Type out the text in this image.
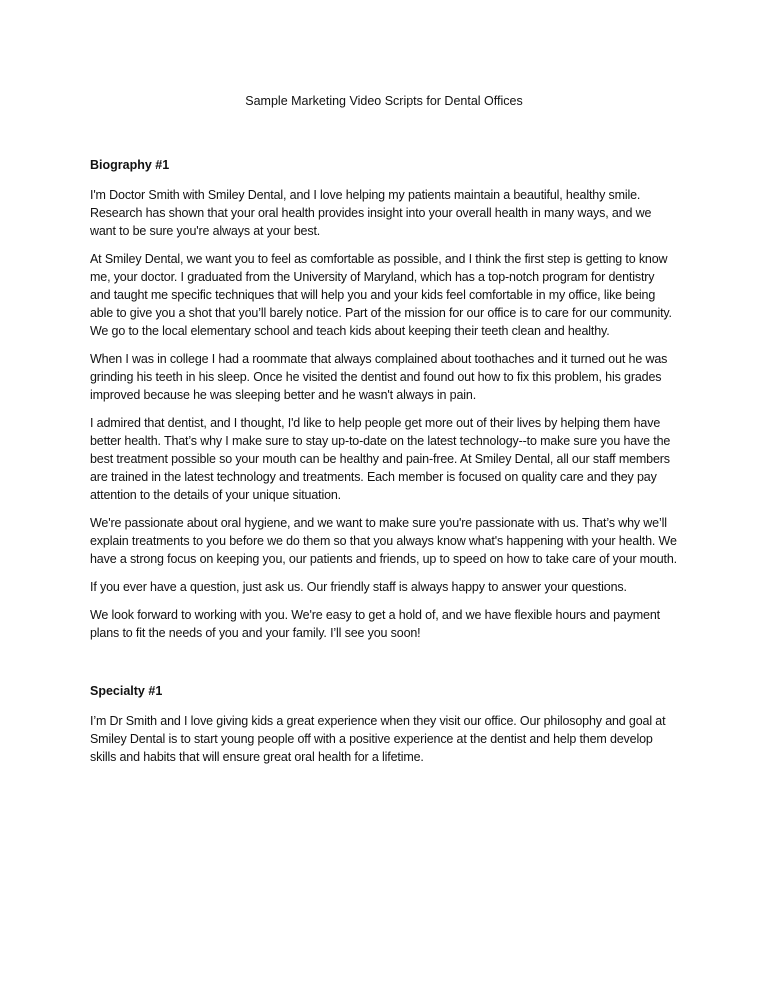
Sample Marketing Video Scripts for Dental Offices
Biography #1

I'm Doctor Smith with Smiley Dental, and I love helping my patients maintain a beautiful, healthy smile. Research has shown that your oral health provides insight into your overall health in many ways, and we want to be sure you're always at your best.

At Smiley Dental, we want you to feel as comfortable as possible, and I think the first step is getting to know me, your doctor. I graduated from the University of Maryland, which has a top-notch program for dentistry and taught me specific techniques that will help you and your kids feel comfortable in my office, like being able to give you a shot that you’ll barely notice. Part of the mission for our office is to care for our community. We go to the local elementary school and teach kids about keeping their teeth clean and healthy.

When I was in college I had a roommate that always complained about toothaches and it turned out he was grinding his teeth in his sleep. Once he visited the dentist and found out how to fix this problem, his grades improved because he was sleeping better and he wasn't always in pain.

I admired that dentist, and I thought, I'd like to help people get more out of their lives by helping them have better health. That’s why I make sure to stay up-to-date on the latest technology--to make sure you have the best treatment possible so your mouth can be healthy and pain-free. At Smiley Dental, all our staff members are trained in the latest technology and treatments. Each member is focused on quality care and they pay attention to the details of your unique situation.

We're passionate about oral hygiene, and we want to make sure you're passionate with us. That’s why we’ll explain treatments to you before we do them so that you always know what's happening with your health. We have a strong focus on keeping you, our patients and friends, up to speed on how to take care of your mouth.

If you ever have a question, just ask us. Our friendly staff is always happy to answer your questions.

We look forward to working with you. We're easy to get a hold of, and we have flexible hours and payment plans to fit the needs of you and your family. I’ll see you soon!

Specialty #1

I’m Dr Smith and I love giving kids a great experience when they visit our office. Our philosophy and goal at Smiley Dental is to start young people off with a positive experience at the dentist and help them develop skills and habits that will ensure great oral health for a lifetime.
